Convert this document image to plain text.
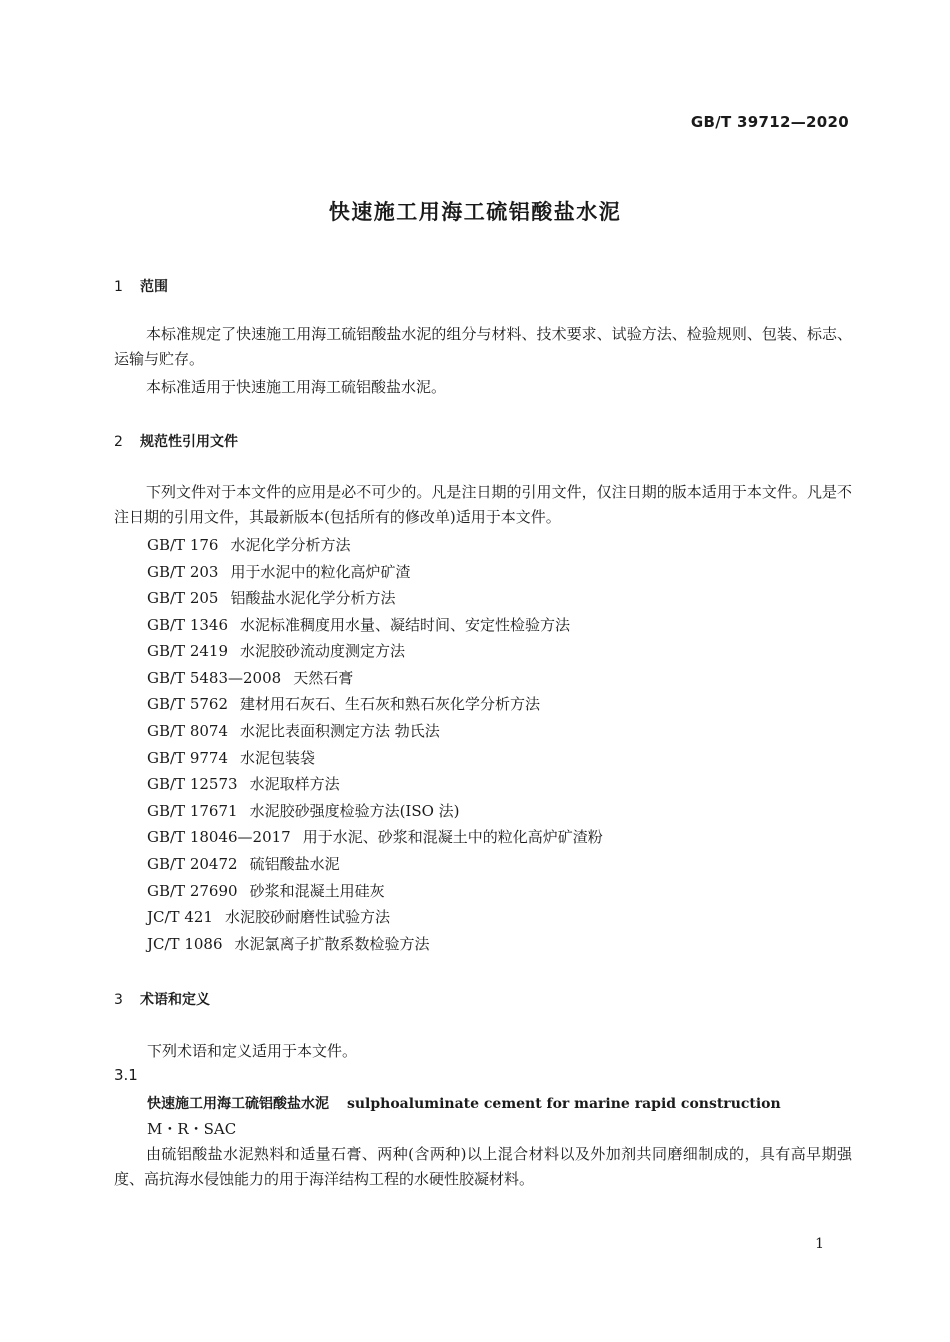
GB/T 39712—2020
快速施工用海工硫铝酸盐水泥
1 范围
本标准规定了快速施工用海工硫铝酸盐水泥的组分与材料、技术要求、试验方法、检验规则、包装、标志、运输与贮存。
本标准适用于快速施工用海工硫铝酸盐水泥。
2 规范性引用文件
下列文件对于本文件的应用是必不可少的。凡是注日期的引用文件，仅注日期的版本适用于本文件。凡是不注日期的引用文件，其最新版本(包括所有的修改单)适用于本文件。
GB/T 176 水泥化学分析方法
GB/T 203 用于水泥中的粒化高炉矿渣
GB/T 205 铝酸盐水泥化学分析方法
GB/T 1346 水泥标准稠度用水量、凝结时间、安定性检验方法
GB/T 2419 水泥胶砂流动度测定方法
GB/T 5483—2008 天然石膏
GB/T 5762 建材用石灰石、生石灰和熟石灰化学分析方法
GB/T 8074 水泥比表面积测定方法 勃氏法
GB/T 9774 水泥包装袋
GB/T 12573 水泥取样方法
GB/T 17671 水泥胶砂强度检验方法(ISO 法)
GB/T 18046—2017 用于水泥、砂浆和混凝土中的粒化高炉矿渣粉
GB/T 20472 硫铝酸盐水泥
GB/T 27690 砂浆和混凝土用硅灰
JC/T 421 水泥胶砂耐磨性试验方法
JC/T 1086 水泥氯离子扩散系数检验方法
3 术语和定义
下列术语和定义适用于本文件。
3.1
快速施工用海工硫铝酸盐水泥 sulphoaluminate cement for marine rapid construction
M・R・SAC
由硫铝酸盐水泥熟料和适量石膏、两种(含两种)以上混合材料以及外加剂共同磨细制成的，具有高早期强度、高抗海水侵蚀能力的用于海洋结构工程的水硬性胶凝材料。
1
